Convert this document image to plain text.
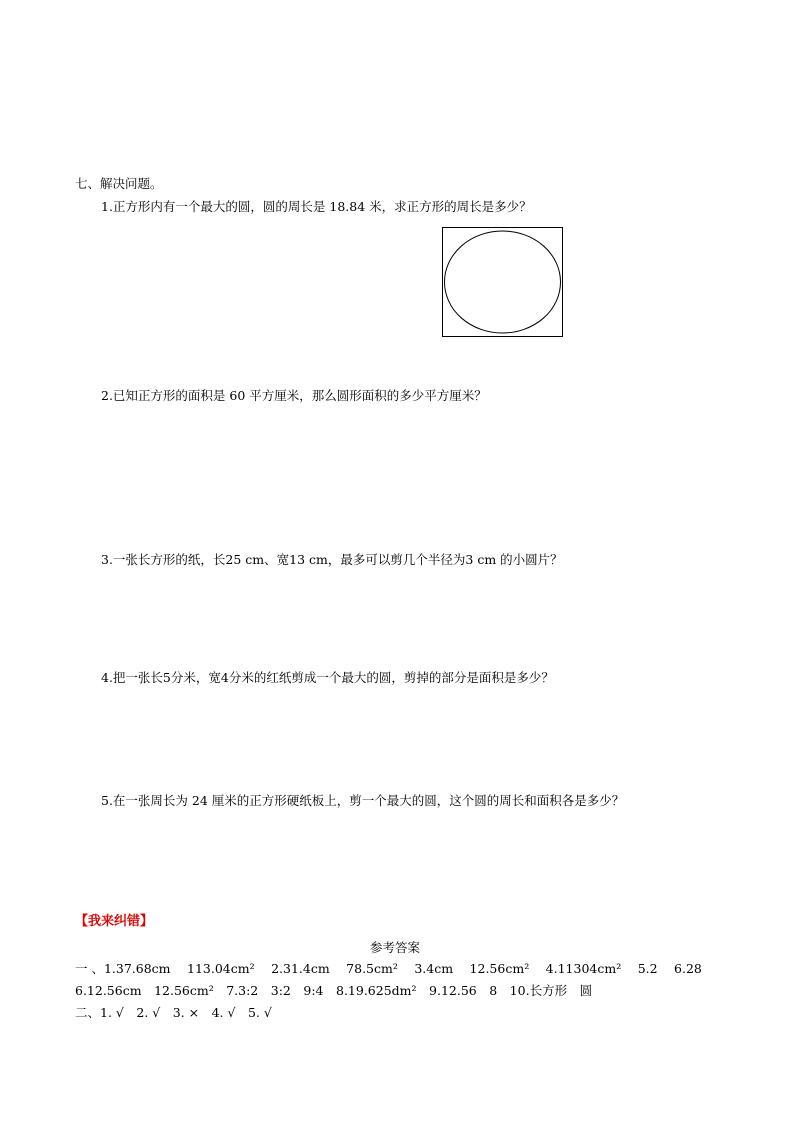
七、解决问题。
1.正方形内有一个最大的圆，圆的周长是 18.84 米，求正方形的周长是多少？
2.已知正方形的面积是 60 平方厘米，那么圆形面积的多少平方厘米？
3.一张长方形的纸，长25 cm、宽13 cm，最多可以剪几个半径为3 cm 的小圆片？
4.把一张长5分米，宽4分米的红纸剪成一个最大的圆，剪掉的部分是面积是多少？
5.在一张周长为 24 厘米的正方形硬纸板上，剪一个最大的圆，这个圆的周长和面积各是多少？
【我来纠错】
参考答案
一 、1.37.68cm　 113.04cm²　 2.31.4cm　 78.5cm²　 3.4cm　 12.56cm²　 4.11304cm²　 5.2　 6.28
6.12.56cm　12.56cm²　7.3:2　3:2　9:4　8.19.625dm²　9.12.56　8　10.长方形　圆
二、1. √　2. √　3. ×　4. √　5. √
